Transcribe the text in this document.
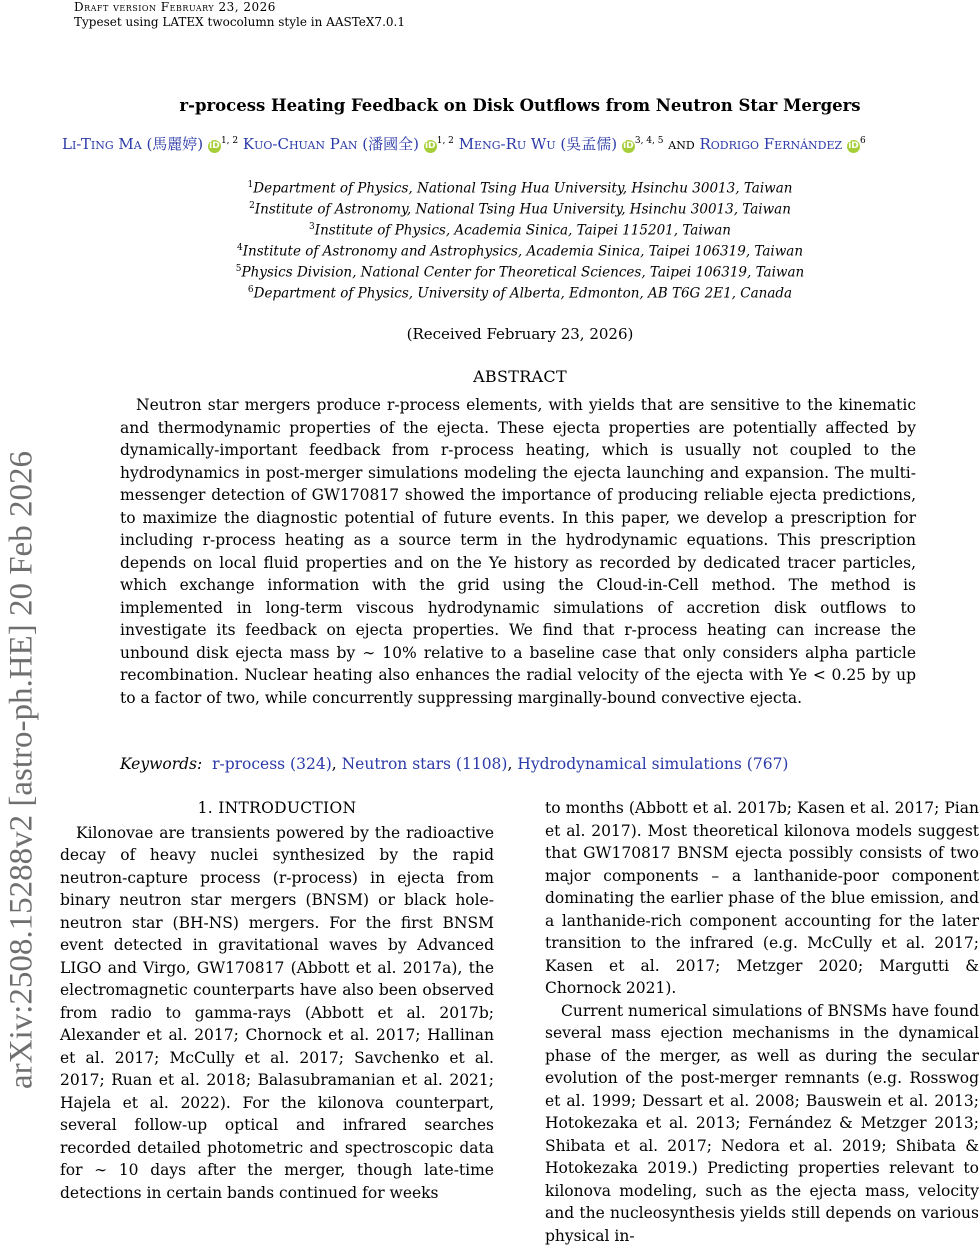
Draft version February 23, 2026
Typeset using LATEX twocolumn style in AASTeX7.0.1
arXiv:2508.15288v2 [astro-ph.HE] 20 Feb 2026
r-process Heating Feedback on Disk Outflows from Neutron Star Mergers
Li-Ting Ma (馬麗婷) iD$^{1, 2}$ Kuo-Chuan Pan (潘國全) iD$^{1, 2}$ Meng-Ru Wu (吳孟儒) iD$^{3, 4, 5}$ and Rodrigo Fernández $iD^6$
$^1$Department of Physics, National Tsing Hua University, Hsinchu 30013, Taiwan
$^2$Institute of Astronomy, National Tsing Hua University, Hsinchu 30013, Taiwan
$^3$Institute of Physics, Academia Sinica, Taipei 115201, Taiwan
$^4$Institute of Astronomy and Astrophysics, Academia Sinica, Taipei 106319, Taiwan
$^5$Physics Division, National Center for Theoretical Sciences, Taipei 106319, Taiwan
$^6$Department of Physics, University of Alberta, Edmonton, AB T6G 2E1, Canada
(Received February 23, 2026)
ABSTRACT
Neutron star mergers produce r-process elements, with yields that are sensitive to the kinematic and thermodynamic properties of the ejecta. These ejecta properties are potentially affected by dynamically-important feedback from r-process heating, which is usually not coupled to the hydrodynamics in post-merger simulations modeling the ejecta launching and expansion. The multi-messenger detection of GW170817 showed the importance of producing reliable ejecta predictions, to maximize the diagnostic potential of future events. In this paper, we develop a prescription for including r-process heating as a source term in the hydrodynamic equations. This prescription depends on local fluid properties and on the Ye history as recorded by dedicated tracer particles, which exchange information with the grid using the Cloud-in-Cell method. The method is implemented in long-term viscous hydrodynamic simulations of accretion disk outflows to investigate its feedback on ejecta properties. We find that r-process heating can increase the unbound disk ejecta mass by ∼ 10% relative to a baseline case that only considers alpha particle recombination. Nuclear heating also enhances the radial velocity of the ejecta with Ye < 0.25 by up to a factor of two, while concurrently suppressing marginally-bound convective ejecta.
Keywords: r-process (324), Neutron stars (1108), Hydrodynamical simulations (767)
1. INTRODUCTION

Kilonovae are transients powered by the radioactive decay of heavy nuclei synthesized by the rapid neutron-capture process (r-process) in ejecta from binary neutron star mergers (BNSM) or black hole-neutron star (BH-NS) mergers. For the first BNSM event detected in gravitational waves by Advanced LIGO and Virgo, GW170817 (Abbott et al. 2017a), the electromagnetic counterparts have also been observed from radio to gamma-rays (Abbott et al. 2017b; Alexander et al. 2017; Chornock et al. 2017; Hallinan et al. 2017; McCully et al. 2017; Savchenko et al. 2017; Ruan et al. 2018; Balasubramanian et al. 2021; Hajela et al. 2022). For the kilonova counterpart, several follow-up optical and infrared searches recorded detailed photometric and spectroscopic data for ∼ 10 days after the merger, though late-time detections in certain bands continued for weeks

to months (Abbott et al. 2017b; Kasen et al. 2017; Pian et al. 2017). Most theoretical kilonova models suggest that GW170817 BNSM ejecta possibly consists of two major components – a lanthanide-poor component dominating the earlier phase of the blue emission, and a lanthanide-rich component accounting for the later transition to the infrared (e.g. McCully et al. 2017; Kasen et al. 2017; Metzger 2020; Margutti & Chornock 2021).

Current numerical simulations of BNSMs have found several mass ejection mechanisms in the dynamical phase of the merger, as well as during the secular evolution of the post-merger remnants (e.g. Rosswog et al. 1999; Dessart et al. 2008; Bauswein et al. 2013; Hotokezaka et al. 2013; Fernández & Metzger 2013; Shibata et al. 2017; Nedora et al. 2019; Shibata & Hotokezaka 2019.) Predicting properties relevant to kilonova modeling, such as the ejecta mass, velocity and the nucleosynthesis yields still depends on various physical in-
